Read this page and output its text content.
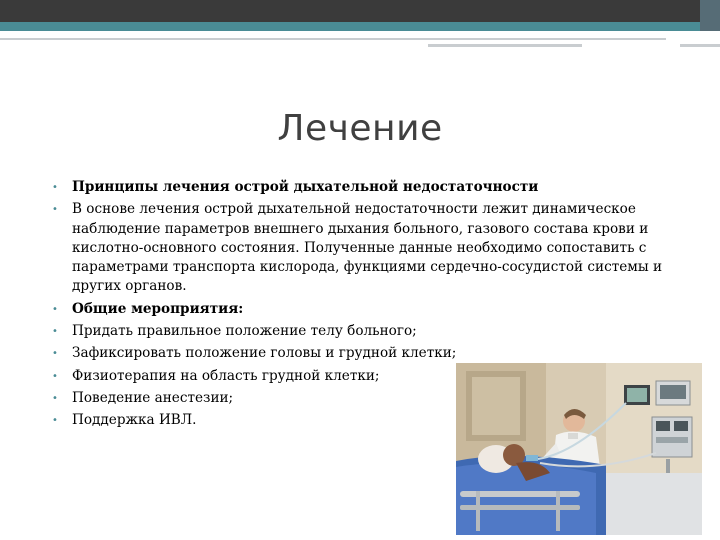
Лечение
• Принципы лечения острой дыхательной недостаточности
• В основе лечения острой дыхательной недостаточности лежит динамическое наблюдение параметров внешнего дыхания больного, газового состава крови и кислотно-основного состояния. Полученные данные необходимо сопоставить с параметрами транспорта кислорода, функциями сердечно-сосудистой системы и других органов.
• Общие мероприятия:
• Придать правильное положение телу больного;
• Зафиксировать положение головы и грудной клетки;
• Физиотерапия на область грудной клетки;
• Поведение анестезии;
• Поддержка ИВЛ.
